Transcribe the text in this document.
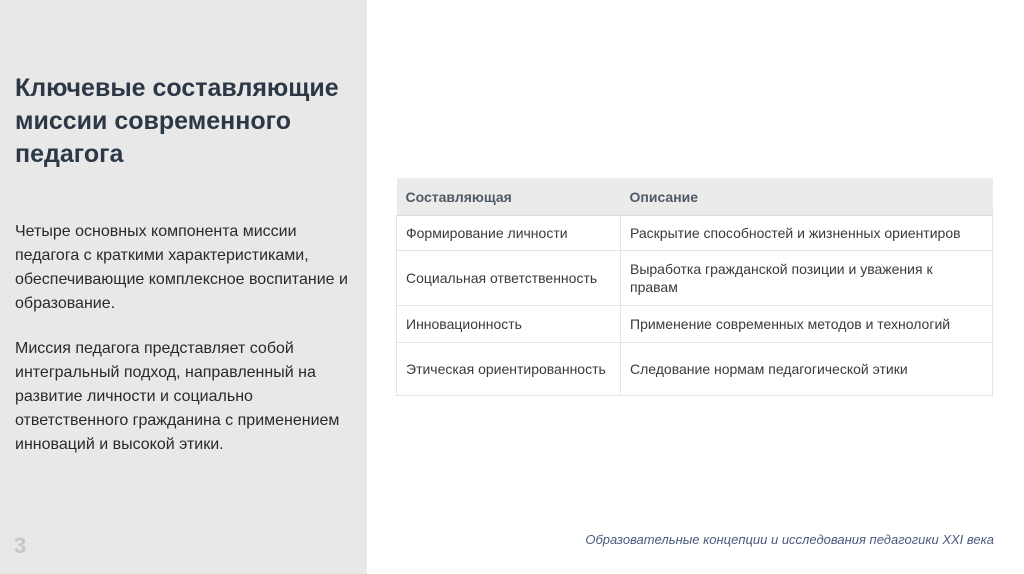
Ключевые составляющие миссии современного педагога

Четыре основных компонента миссии педагога с краткими характеристиками, обеспечивающие комплексное воспитание и образование.

Миссия педагога представляет собой интегральный подход, направленный на развитие личности и социально ответственного гражданина с применением инноваций и высокой этики.

3
Составляющая	Описание
Формирование личности	Раскрытие способностей и жизненных ориентиров
Социальная ответственность	Выработка гражданской позиции и уважения к правам
Инновационность	Применение современных методов и технологий
Этическая ориентированность	Следование нормам педагогической этики
Образовательные концепции и исследования педагогики XXI века
